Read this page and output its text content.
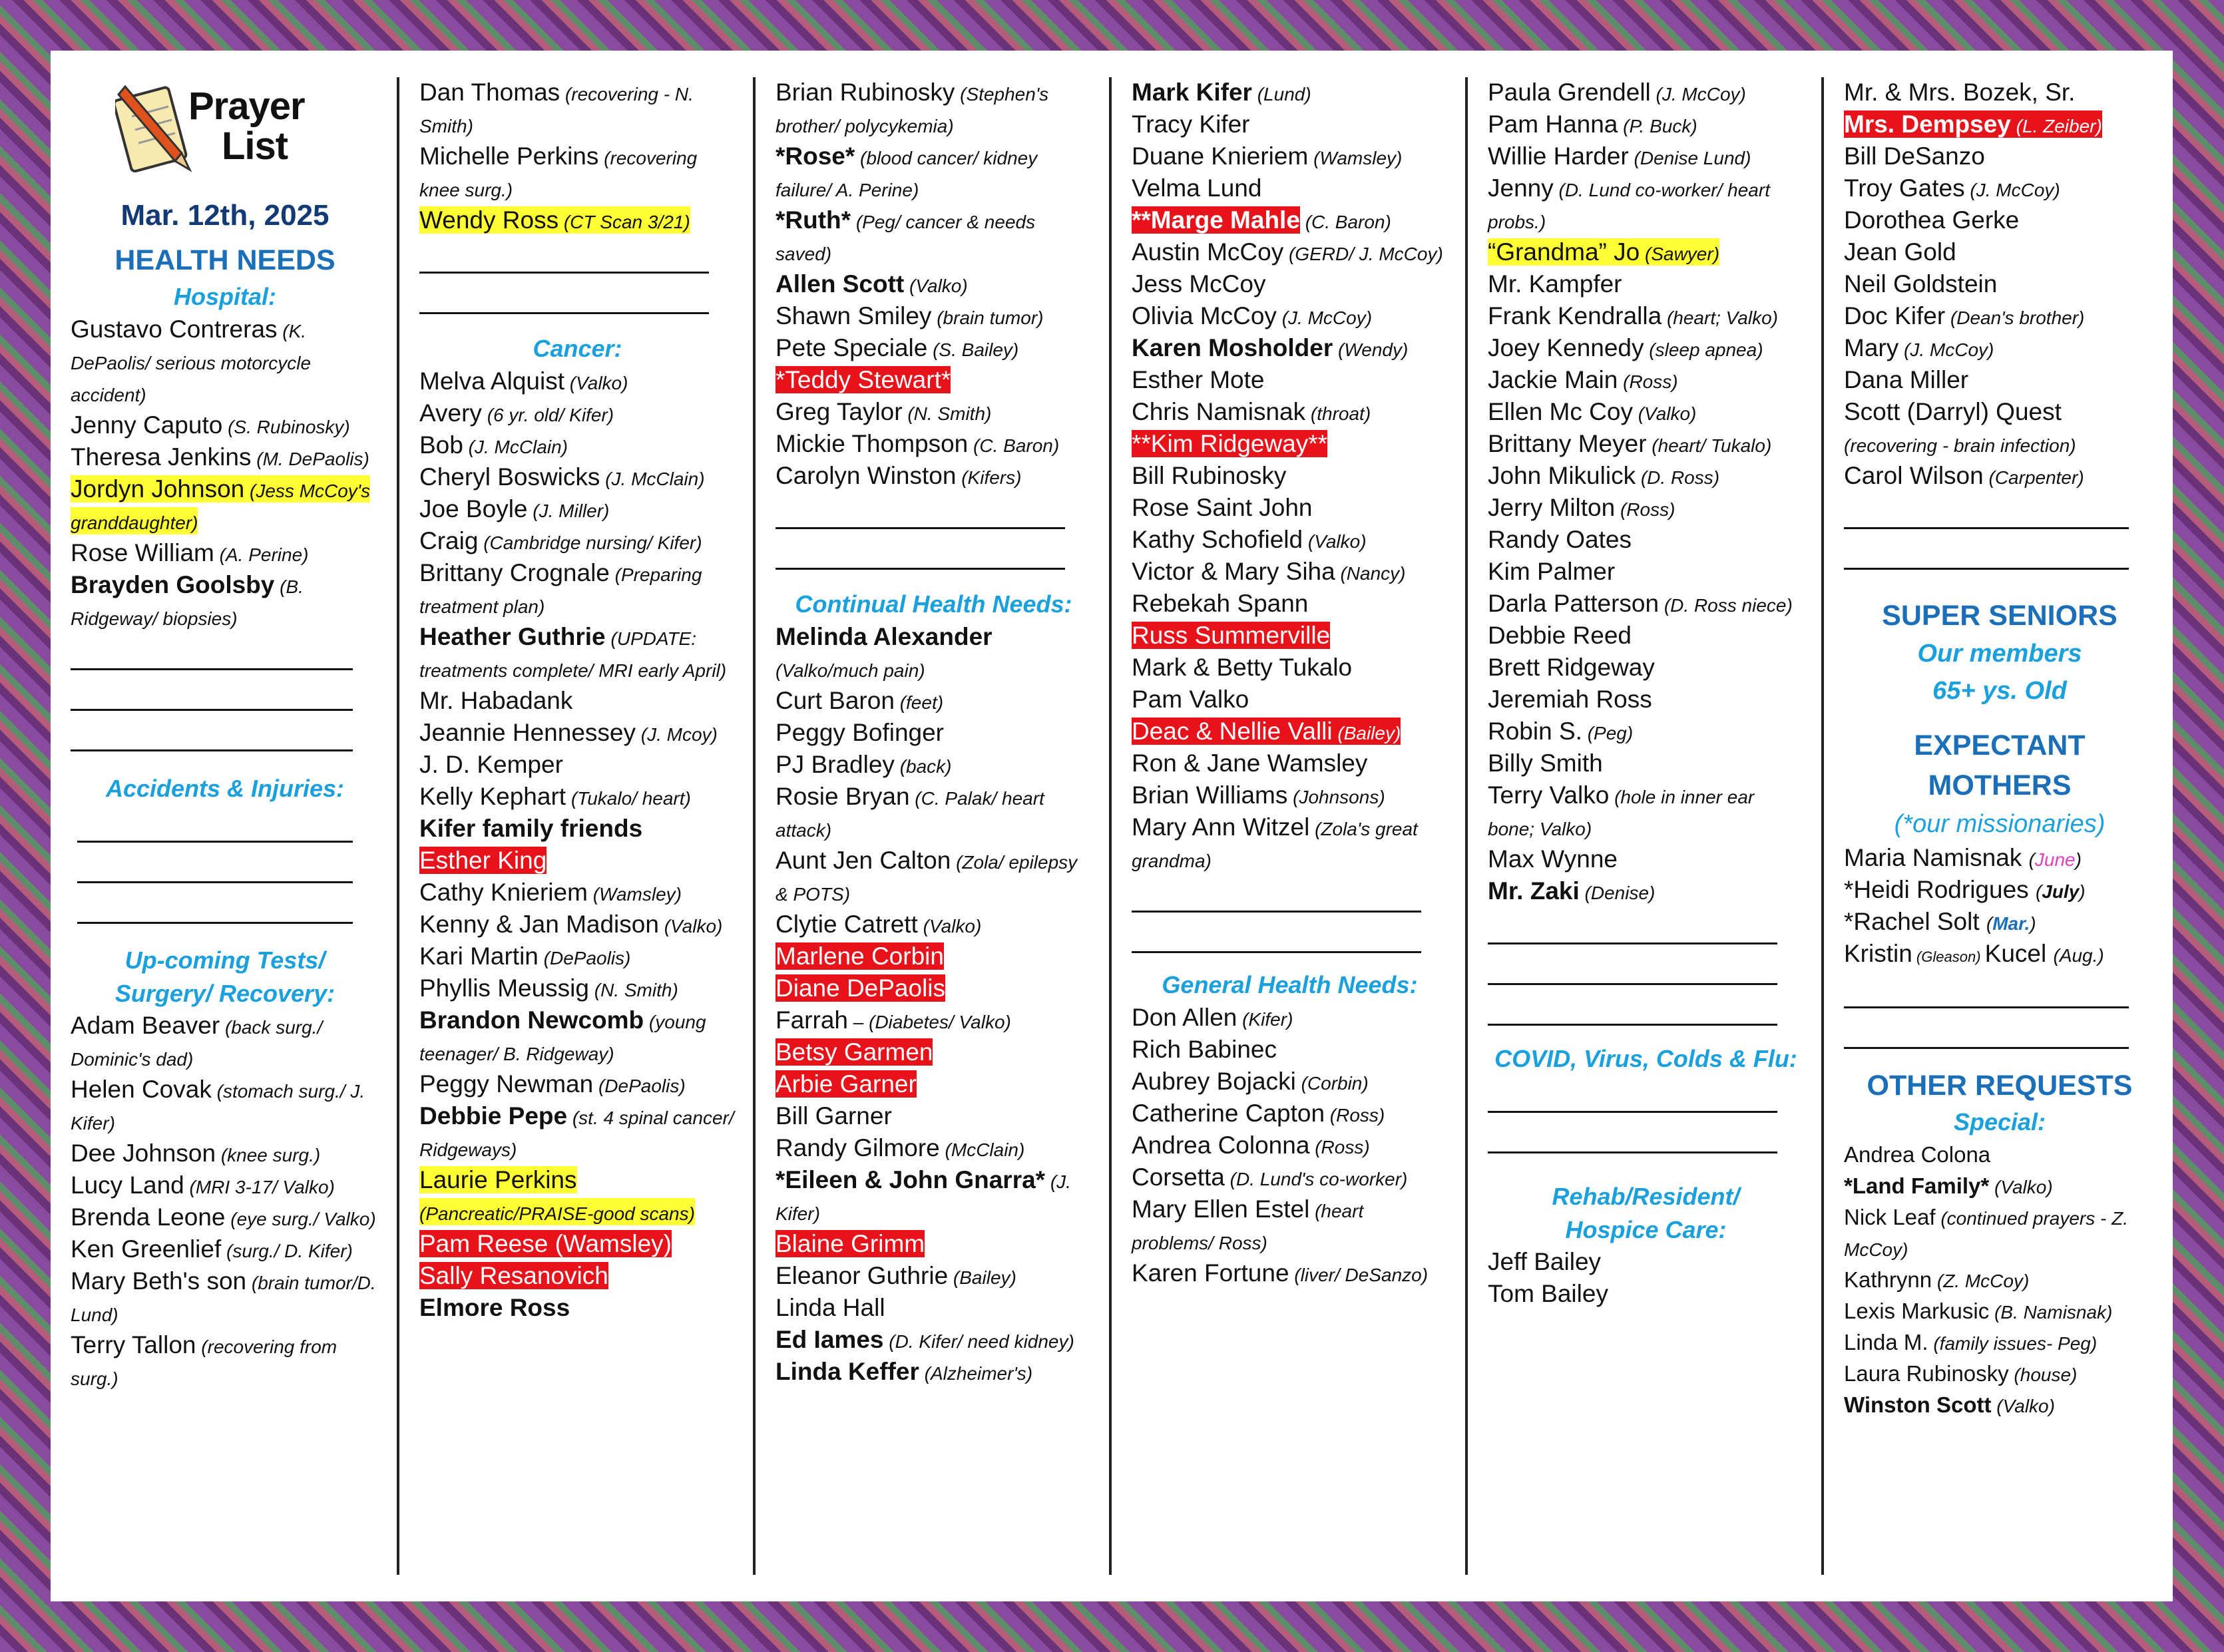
Prayer
List
Mar. 12th, 2025
HEALTH NEEDS
Hospital:
Gustavo Contreras (K. DePaolis/ serious motorcycle accident)
Jenny Caputo (S. Rubinosky)
Theresa Jenkins (M. DePaolis)
Jordyn Johnson (Jess McCoy's granddaughter)
Rose William (A. Perine)
Brayden Goolsby (B. Ridgeway/ biopsies)
Accidents & Injuries:
Up-coming Tests/
Surgery/ Recovery:
Adam Beaver (back surg./ Dominic's dad)
Helen Covak (stomach surg./ J. Kifer)
Dee Johnson (knee surg.)
Lucy Land (MRI 3-17/ Valko)
Brenda Leone (eye surg./ Valko)
Ken Greenlief (surg./ D. Kifer)
Mary Beth's son (brain tumor/D. Lund)
Terry Tallon (recovering from surg.)
Dan Thomas (recovering - N. Smith)
Michelle Perkins (recovering knee surg.)
Wendy Ross (CT Scan 3/21)
Cancer:
Melva Alquist (Valko)
Avery (6 yr. old/ Kifer)
Bob (J. McClain)
Cheryl Boswicks (J. McClain)
Joe Boyle (J. Miller)
Craig (Cambridge nursing/ Kifer)
Brittany Crognale (Preparing treatment plan)
Heather Guthrie (UPDATE: treatments complete/ MRI early April)
Mr. Habadank
Jeannie Hennessey (J. Mcoy)
J. D. Kemper
Kelly Kephart (Tukalo/ heart)
Kifer family friends
Esther King
Cathy Knieriem (Wamsley)
Kenny & Jan Madison (Valko)
Kari Martin (DePaolis)
Phyllis Meussig (N. Smith)
Brandon Newcomb (young teenager/ B. Ridgeway)
Peggy Newman (DePaolis)
Debbie Pepe (st. 4 spinal cancer/ Ridgeways)
Laurie Perkins (Pancreatic/PRAISE-good scans)
Pam Reese (Wamsley)
Sally Resanovich
Elmore Ross
Brian Rubinosky (Stephen's brother/ polycykemia)
*Rose* (blood cancer/ kidney failure/ A. Perine)
*Ruth* (Peg/ cancer & needs saved)
Allen Scott (Valko)
Shawn Smiley (brain tumor)
Pete Speciale (S. Bailey)
*Teddy Stewart*
Greg Taylor (N. Smith)
Mickie Thompson (C. Baron)
Carolyn Winston (Kifers)
Continual Health Needs:
Melinda Alexander (Valko/much pain)
Curt Baron (feet)
Peggy Bofinger
PJ Bradley (back)
Rosie Bryan (C. Palak/ heart attack)
Aunt Jen Calton (Zola/ epilepsy & POTS)
Clytie Catrett (Valko)
Marlene Corbin
Diane DePaolis
Farrah – (Diabetes/ Valko)
Betsy Garmen
Arbie Garner
Bill Garner
Randy Gilmore (McClain)
*Eileen & John Gnarra* (J. Kifer)
Blaine Grimm
Eleanor Guthrie (Bailey)
Linda Hall
Ed Iames (D. Kifer/ need kidney)
Linda Keffer (Alzheimer's)
Mark Kifer (Lund)
Tracy Kifer
Duane Knieriem (Wamsley)
Velma Lund
**Marge Mahle (C. Baron)
Austin McCoy (GERD/ J. McCoy)
Jess McCoy
Olivia McCoy (J. McCoy)
Karen Mosholder (Wendy)
Esther Mote
Chris Namisnak (throat)
**Kim Ridgeway**
Bill Rubinosky
Rose Saint John
Kathy Schofield (Valko)
Victor & Mary Siha (Nancy)
Rebekah Spann
Russ Summerville
Mark & Betty Tukalo
Pam Valko
Deac & Nellie Valli (Bailey)
Ron & Jane Wamsley
Brian Williams (Johnsons)
Mary Ann Witzel (Zola's great grandma)
General Health Needs:
Don Allen (Kifer)
Rich Babinec
Aubrey Bojacki (Corbin)
Catherine Capton (Ross)
Andrea Colonna (Ross)
Corsetta (D. Lund's co-worker)
Mary Ellen Estel (heart problems/ Ross)
Karen Fortune (liver/ DeSanzo)
Paula Grendell (J. McCoy)
Pam Hanna (P. Buck)
Willie Harder (Denise Lund)
Jenny (D. Lund co-worker/ heart probs.)
“Grandma” Jo (Sawyer)
Mr. Kampfer
Frank Kendralla (heart; Valko)
Joey Kennedy (sleep apnea)
Jackie Main (Ross)
Ellen Mc Coy (Valko)
Brittany Meyer (heart/ Tukalo)
John Mikulick (D. Ross)
Jerry Milton (Ross)
Randy Oates
Kim Palmer
Darla Patterson (D. Ross niece)
Debbie Reed
Brett Ridgeway
Jeremiah Ross
Robin S. (Peg)
Billy Smith
Terry Valko (hole in inner ear bone; Valko)
Max Wynne
Mr. Zaki (Denise)
COVID, Virus, Colds & Flu:
Rehab/Resident/
Hospice Care:
Jeff Bailey
Tom Bailey
Mr. & Mrs. Bozek, Sr.
Mrs. Dempsey (L. Zeiber)
Bill DeSanzo
Troy Gates (J. McCoy)
Dorothea Gerke
Jean Gold
Neil Goldstein
Doc Kifer (Dean's brother)
Mary (J. McCoy)
Dana Miller
Scott (Darryl) Quest (recovering - brain infection)
Carol Wilson (Carpenter)
SUPER SENIORS
Our members
65+ ys. Old
EXPECTANT
MOTHERS
(*our missionaries)
Maria Namisnak (June)
*Heidi Rodrigues (July)
*Rachel Solt (Mar.)
Kristin (Gleason) Kucel (Aug.)
OTHER REQUESTS
Special:
Andrea Colona
*Land Family* (Valko)
Nick Leaf (continued prayers - Z. McCoy)
Kathrynn (Z. McCoy)
Lexis Markusic (B. Namisnak)
Linda M. (family issues- Peg)
Laura Rubinosky (house)
Winston Scott (Valko)
